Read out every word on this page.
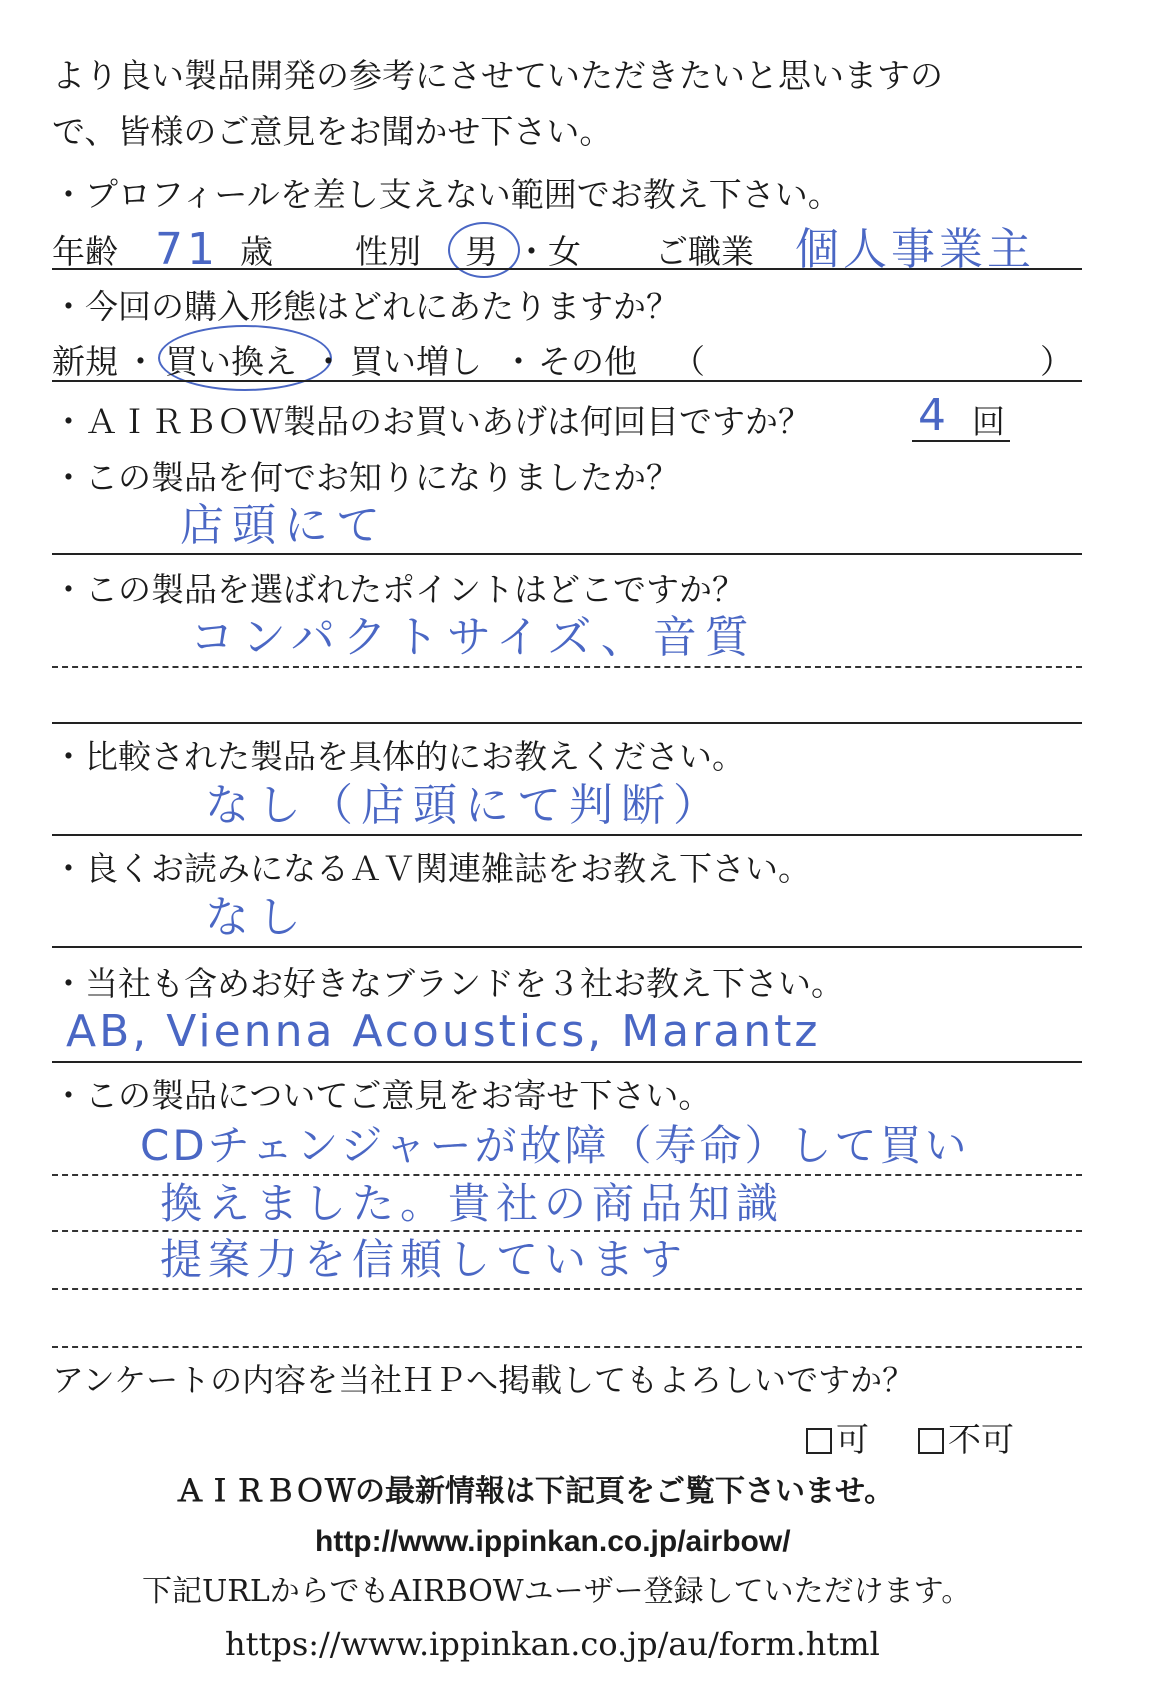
より良い製品開発の参考にさせていただきたいと思いますの
で、皆様のご意見をお聞かせ下さい。
・プロフィールを差し支えない範囲でお教え下さい。
年齢 71 歳 性別 男 ・ 女 ご職業 個人事業主
・今回の購入形態はどれにあたりますか？
新規 ・ 買い換え ・ 買い増し ・ その他 （	）
・ＡＩＲＢＯＷ製品のお買いあげは何回目ですか？ 4 回
・この製品を何でお知りになりましたか？
店頭にて
・この製品を選ばれたポイントはどこですか？
コンパクトサイズ、音質
・比較された製品を具体的にお教えください。
なし（店頭にて判断）
・良くお読みになるＡＶ関連雑誌をお教え下さい。
なし
・当社も含めお好きなブランドを３社お教え下さい。
AB, Vienna Acoustics, Marantz
・この製品についてご意見をお寄せ下さい。
CDチェンジャーが故障（寿命）して買い
換えました。貴社の商品知識
提案力を信頼しています
アンケートの内容を当社ＨＰへ掲載してもよろしいですか？
可	不可
ＡＩＲＢＯＷの最新情報は下記頁をご覧下さいませ。
http://www.ippinkan.co.jp/airbow/
下記URLからでもAIRBOWユーザー登録していただけます。
https://www.ippinkan.co.jp/au/form.html
